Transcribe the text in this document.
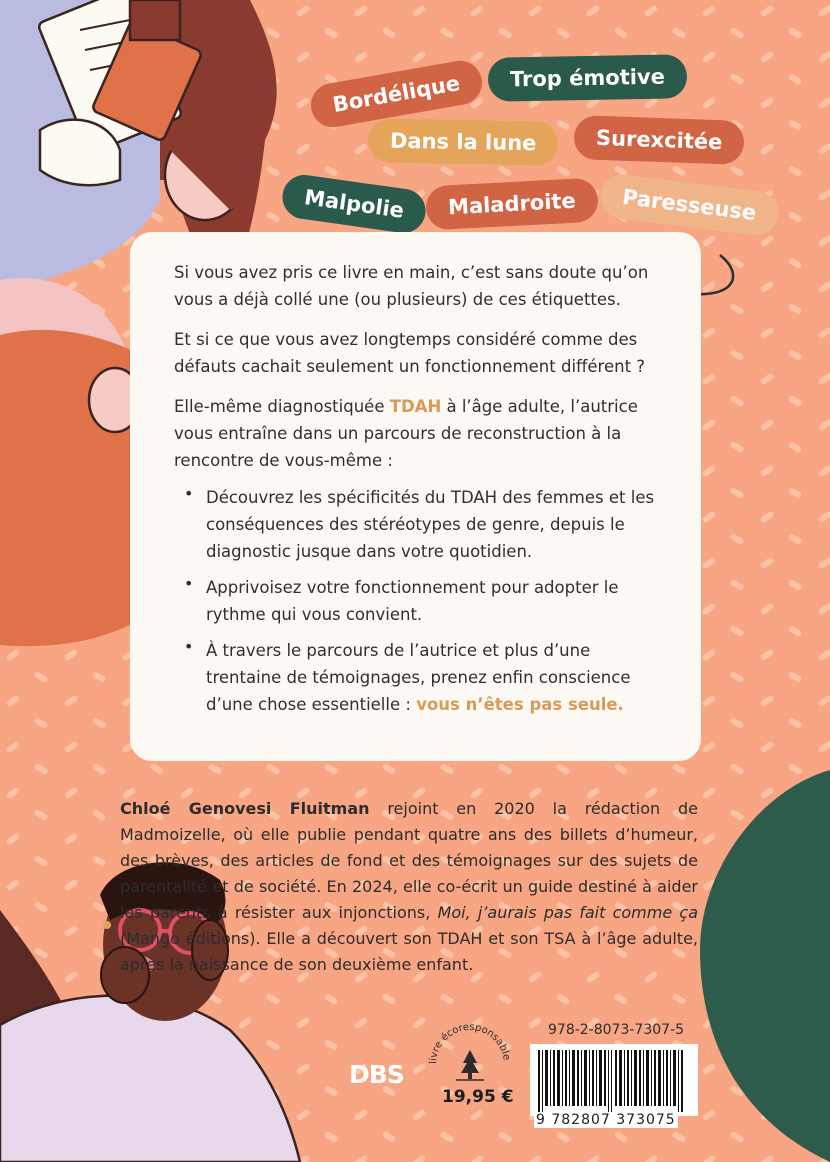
livre écoresponsable
Bordélique	Trop émotive
Dans la lune	Surexcitée
Malpolie	Maladroite	Paresseuse

Si vous avez pris ce livre en main, c’est sans doute qu’on vous a déjà collé une (ou plusieurs) de ces étiquettes.

Et si ce que vous avez longtemps considéré comme des défauts cachait seulement un fonctionnement différent ?

Elle-même diagnostiquée TDAH à l’âge adulte, l’autrice vous entraîne dans un parcours de reconstruction à la rencontre de vous-même :

• Découvrez les spécificités du TDAH des femmes et les conséquences des stéréotypes de genre, depuis le diagnostic jusque dans votre quotidien.

• Apprivoisez votre fonctionnement pour adopter le rythme qui vous convient.

• À travers le parcours de l’autrice et plus d’une trentaine de témoignages, prenez enfin conscience d’une chose essentielle : vous n’êtes pas seule.

Chloé Genovesi Fluitman rejoint en 2020 la rédaction de Madmoizelle, où elle publie pendant quatre ans des billets d’humeur, des brèves, des articles de fond et des témoignages sur des sujets de parentalité et de société. En 2024, elle co-écrit un guide destiné à aider les parents à résister aux injonctions, Moi, j’aurais pas fait comme ça (Mango éditions). Elle a découvert son TDAH et son TSA à l’âge adulte, après la naissance de son deuxième enfant.

978-2-8073-7307-5
9 782807 373075
19,95 €
DBS
